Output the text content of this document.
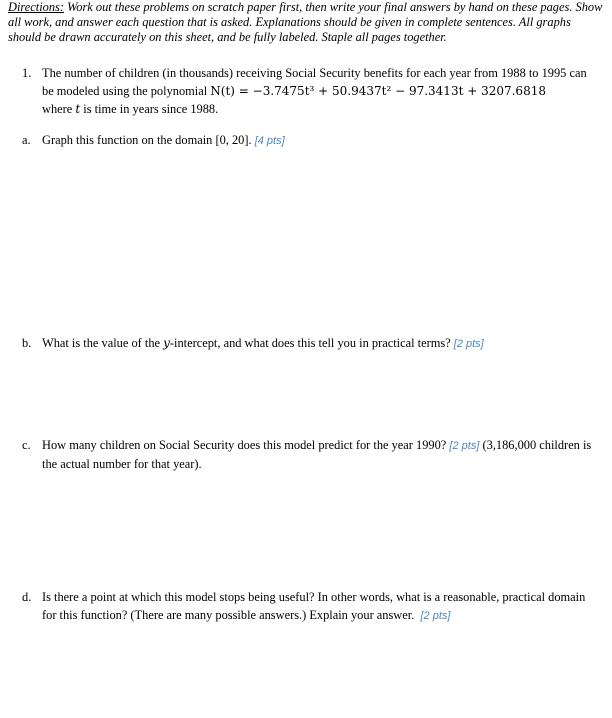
Directions: Work out these problems on scratch paper first, then write your final answers by hand on these pages. Show all work, and answer each question that is asked. Explanations should be given in complete sentences. All graphs should be drawn accurately on this sheet, and be fully labeled. Staple all pages together.

1. The number of children (in thousands) receiving Social Security benefits for each year from 1988 to 1995 can be modeled using the polynomial N(t) = −3.7475t³ + 50.9437t² − 97.3413t + 3207.6818
where t is time in years since 1988.
a. Graph this function on the domain [0, 20]. [4 pts]
b. What is the value of the y-intercept, and what does this tell you in practical terms? [2 pts]
c. How many children on Social Security does this model predict for the year 1990? [2 pts] (3,186,000 children is the actual number for that year).
d. Is there a point at which this model stops being useful? In other words, what is a reasonable, practical domain for this function? (There are many possible answers.) Explain your answer. [2 pts]
